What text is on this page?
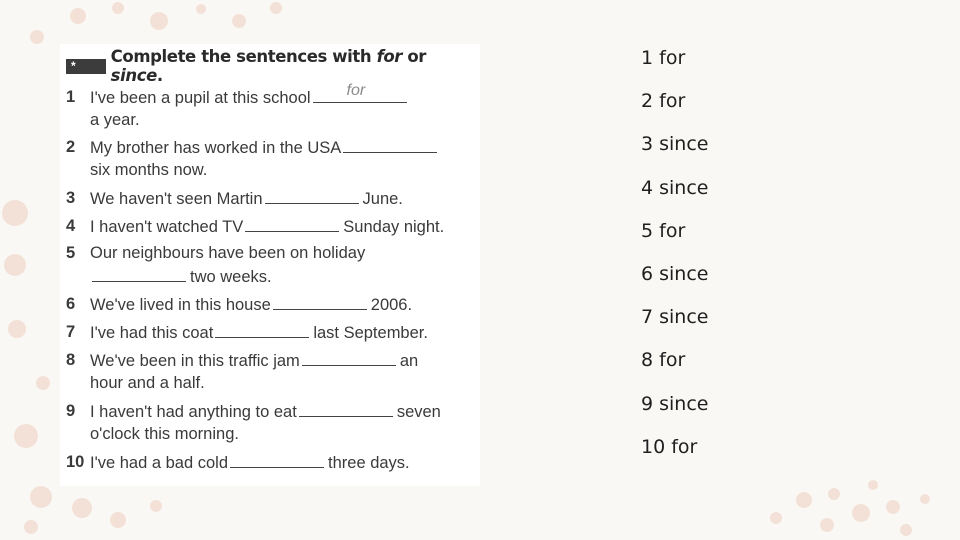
*	Complete the sentences with for or since.
1 I've been a pupil at this school for
a year.
2 My brother has worked in the USA
six months now.
3 We haven't seen Martin	June.
4 I haven't watched TV	Sunday night.
5 Our neighbours have been on holiday
two weeks.
6 We've lived in this house	2006.
7 I've had this coat	last September.
8 We've been in this traffic jam	an
hour and a half.
9 I haven't had anything to eat	seven
o'clock this morning.
10 I've had a bad cold	three days.
1 for
2 for
3 since
4 since
5 for
6 since
7 since
8 for
9 since
10 for
